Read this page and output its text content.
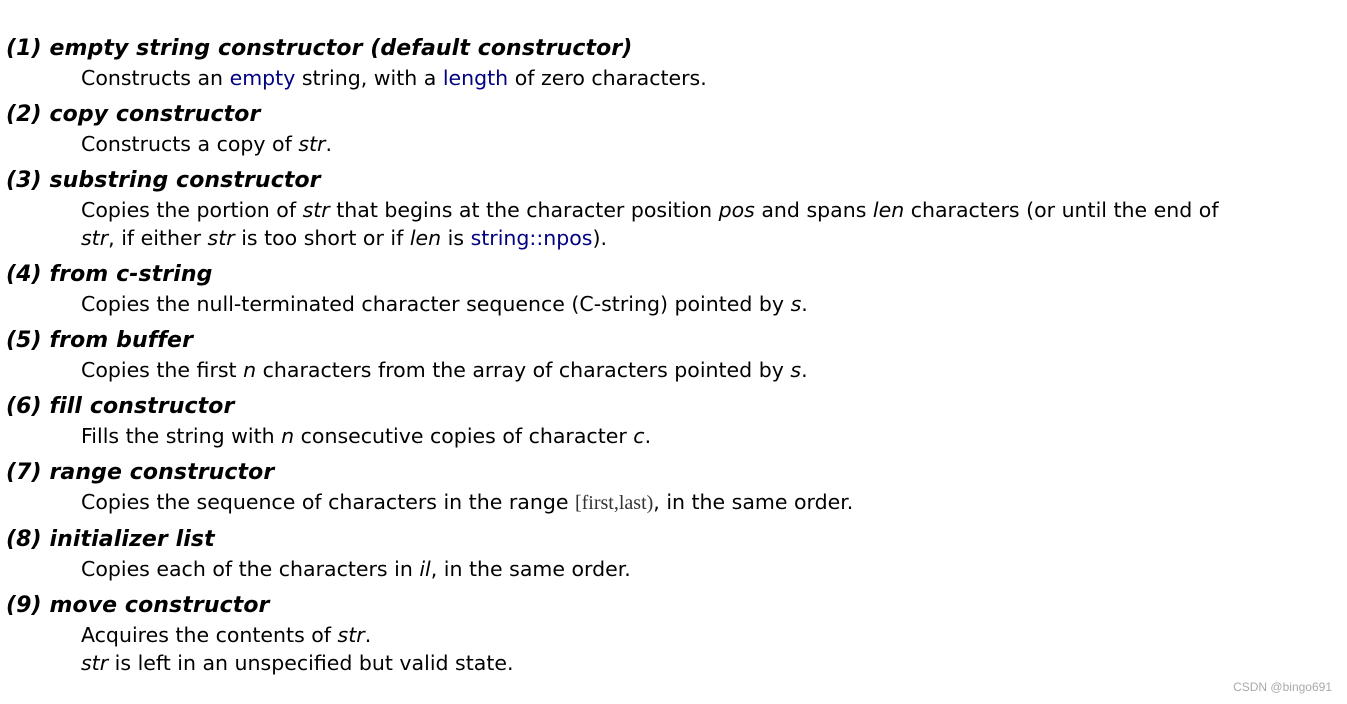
(1) empty string constructor (default constructor)

Constructs an empty string, with a length of zero characters.

(2) copy constructor

Constructs a copy of str.

(3) substring constructor

Copies the portion of str that begins at the character position pos and spans len characters (or until the end of

str, if either str is too short or if len is string::npos).

(4) from c-string

Copies the null-terminated character sequence (C-string) pointed by s.

(5) from buffer

Copies the first n characters from the array of characters pointed by s.

(6) fill constructor

Fills the string with n consecutive copies of character c.

(7) range constructor

Copies the sequence of characters in the range [first,last), in the same order.

(8) initializer list

Copies each of the characters in il, in the same order.

(9) move constructor

Acquires the contents of str.

str is left in an unspecified but valid state.

CSDN @bingo691
